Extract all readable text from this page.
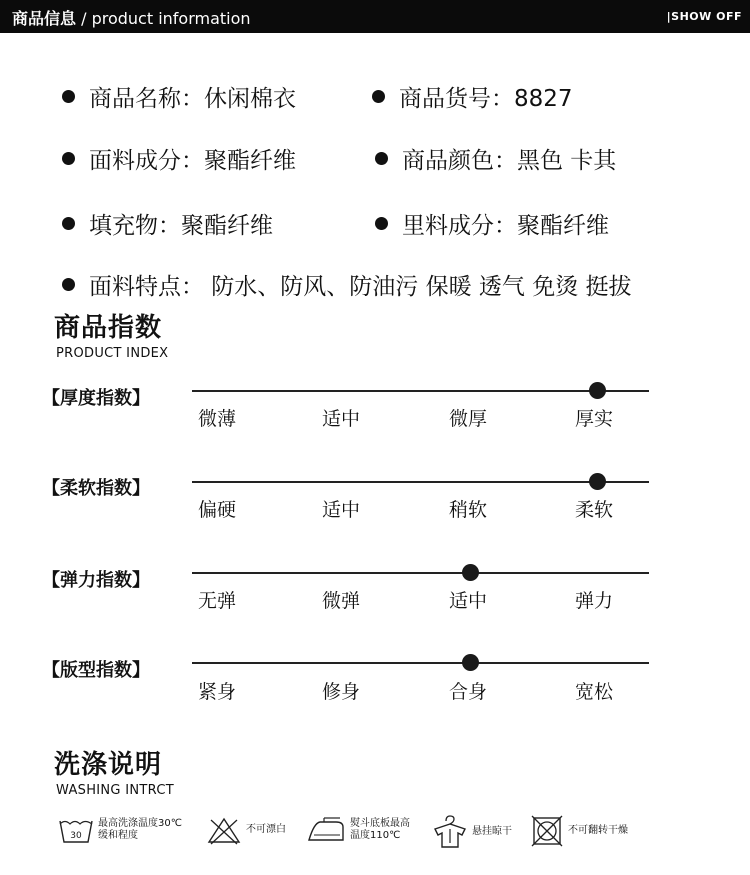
商品信息 / product information	|SHOW OFF
商品名称：休闲棉衣	商品货号：8827
面料成分：聚酯纤维	商品颜色：黑色 卡其
填充物：聚酯纤维	里料成分：聚酯纤维
面料特点： 防水、防风、防油污 保暖 透气 免烫 挺拔
商品指数
PRODUCT INDEX
【厚度指数】
微薄	适中	微厚	厚实
【柔软指数】
偏硬	适中	稍软	柔软
【弹力指数】
无弹	微弹	适中	弹力
【版型指数】
紧身	修身	合身	宽松
洗涤说明
WASHING INTRCT
30
最高洗涤温度30℃
缓和程度
不可漂白
熨斗底板最高
温度110℃	悬挂晾干	不可翻转干燥
